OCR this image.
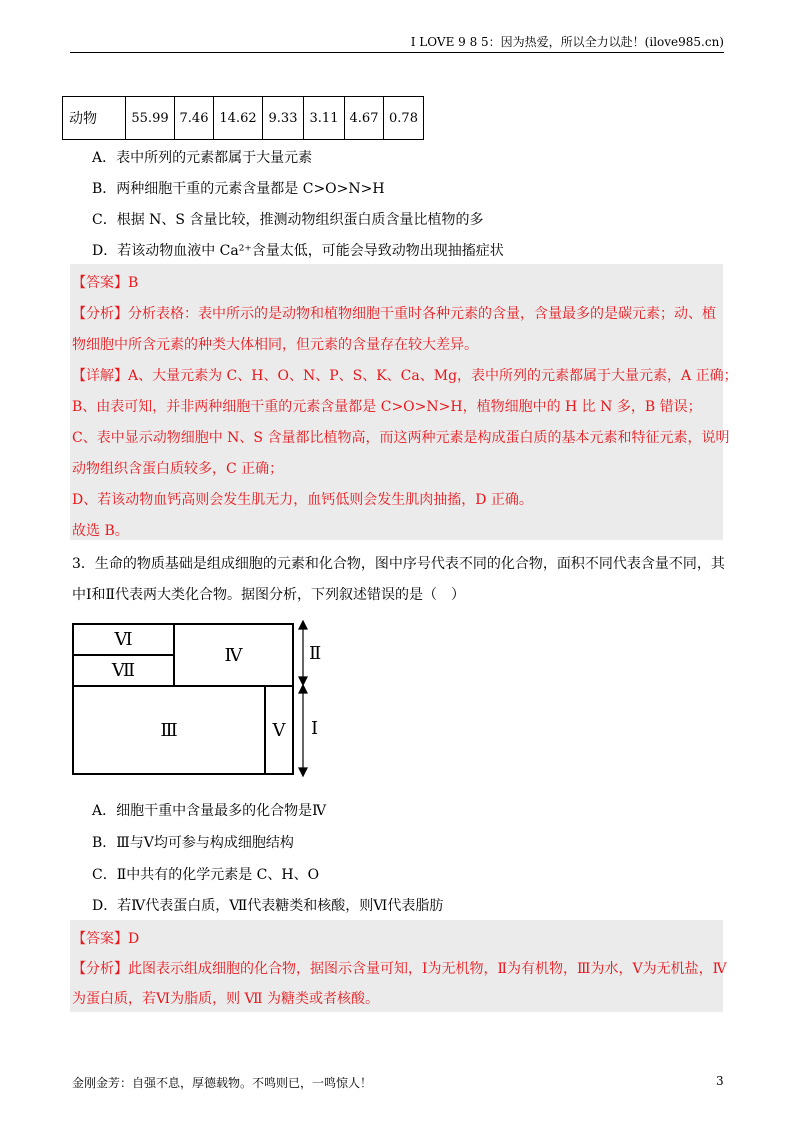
I LOVE 9 8 5：因为热爱，所以全力以赴！(ilove985.cn)
动物	55.99	7.46	14.62	9.33	3.11	4.67	0.78
A．表中所列的元素都属于大量元素
B．两种细胞干重的元素含量都是 C>O>N>H
C．根据 N、S 含量比较，推测动物组织蛋白质含量比植物的多
D．若该动物血液中 Ca²⁺含量太低，可能会导致动物出现抽搐症状
【答案】B
【分析】分析表格：表中所示的是动物和植物细胞干重时各种元素的含量，含量最多的是碳元素；动、植
物细胞中所含元素的种类大体相同，但元素的含量存在较大差异。
【详解】A、大量元素为 C、H、O、N、P、S、K、Ca、Mg，表中所列的元素都属于大量元素，A 正确；
B、由表可知，并非两种细胞干重的元素含量都是 C>O>N>H，植物细胞中的 H 比 N 多，B 错误；
C、表中显示动物细胞中 N、S 含量都比植物高，而这两种元素是构成蛋白质的基本元素和特征元素，说明
动物组织含蛋白质较多，C 正确；
D、若该动物血钙高则会发生肌无力，血钙低则会发生肌肉抽搐，D 正确。
故选 B。
3．生命的物质基础是组成细胞的元素和化合物，图中序号代表不同的化合物，面积不同代表含量不同，其
中Ⅰ和Ⅱ代表两大类化合物。据图分析，下列叙述错误的是（　）
Ⅵ
Ⅶ
Ⅳ
Ⅲ	Ⅴ
Ⅱ
Ⅰ
A．细胞干重中含量最多的化合物是Ⅳ
B．Ⅲ与Ⅴ均可参与构成细胞结构
C．Ⅱ中共有的化学元素是 C、H、O
D．若Ⅳ代表蛋白质，Ⅶ代表糖类和核酸，则Ⅵ代表脂肪
【答案】D
【分析】此图表示组成细胞的化合物，据图示含量可知，Ⅰ为无机物，Ⅱ为有机物，Ⅲ为水，Ⅴ为无机盐，Ⅳ
为蛋白质，若Ⅵ为脂质，则 Ⅶ 为糖类或者核酸。
金刚金芳：自强不息，厚德载物。不鸣则已，一鸣惊人！	3
